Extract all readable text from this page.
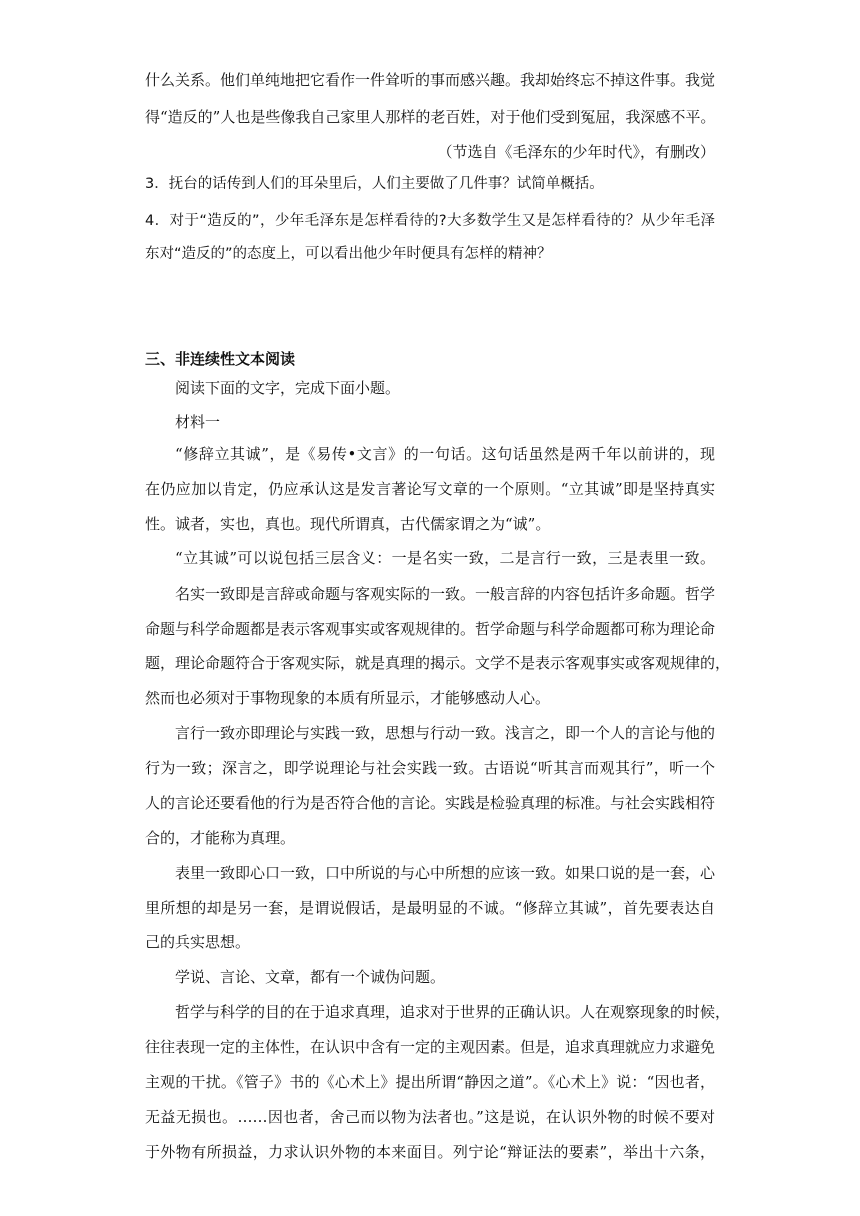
什么关系。他们单纯地把它看作一件耸听的事而感兴趣。我却始终忘不掉这件事。我觉
得“造反的”人也是些像我自己家里人那样的老百姓，对于他们受到冤屈，我深感不平。
（节选自《毛泽东的少年时代》，有删改）
3．抚台的话传到人们的耳朵里后，人们主要做了几件事？试简单概括。
4．对于“造反的”，少年毛泽东是怎样看待的?大多数学生又是怎样看待的？从少年毛泽
东对“造反的”的态度上，可以看出他少年时便具有怎样的精神？
三、非连续性文本阅读
阅读下面的文字，完成下面小题。
材料一
“修辞立其诚”，是《易传•文言》的一句话。这句话虽然是两千年以前讲的，现
在仍应加以肯定，仍应承认这是发言著论写文章的一个原则。“立其诚”即是坚持真实
性。诚者，实也，真也。现代所谓真，古代儒家谓之为“诚”。
“立其诚”可以说包括三层含义：一是名实一致，二是言行一致，三是表里一致。
名实一致即是言辞或命题与客观实际的一致。一般言辞的内容包括许多命题。哲学
命题与科学命题都是表示客观事实或客观规律的。哲学命题与科学命题都可称为理论命
题，理论命题符合于客观实际，就是真理的揭示。文学不是表示客观事实或客观规律的，
然而也必须对于事物现象的本质有所显示，才能够感动人心。
言行一致亦即理论与实践一致，思想与行动一致。浅言之，即一个人的言论与他的
行为一致；深言之，即学说理论与社会实践一致。古语说“听其言而观其行”，听一个
人的言论还要看他的行为是否符合他的言论。实践是检验真理的标准。与社会实践相符
合的，才能称为真理。
表里一致即心口一致，口中所说的与心中所想的应该一致。如果口说的是一套，心
里所想的却是另一套，是谓说假话，是最明显的不诚。“修辞立其诚”，首先要表达自
己的兵实思想。
学说、言论、文章，都有一个诚伪问题。
哲学与科学的目的在于追求真理，追求对于世界的正确认识。人在观察现象的时候，
往往表现一定的主体性，在认识中含有一定的主观因素。但是，追求真理就应力求避免
主观的干扰。《管子》书的《心术上》提出所谓“静因之道”。《心术上》说：“因也者，
无益无损也。……因也者，舍己而以物为法者也。”这是说，在认识外物的时候不要对
于外物有所损益，力求认识外物的本来面目。列宁论“辩证法的要素”，举出十六条，
